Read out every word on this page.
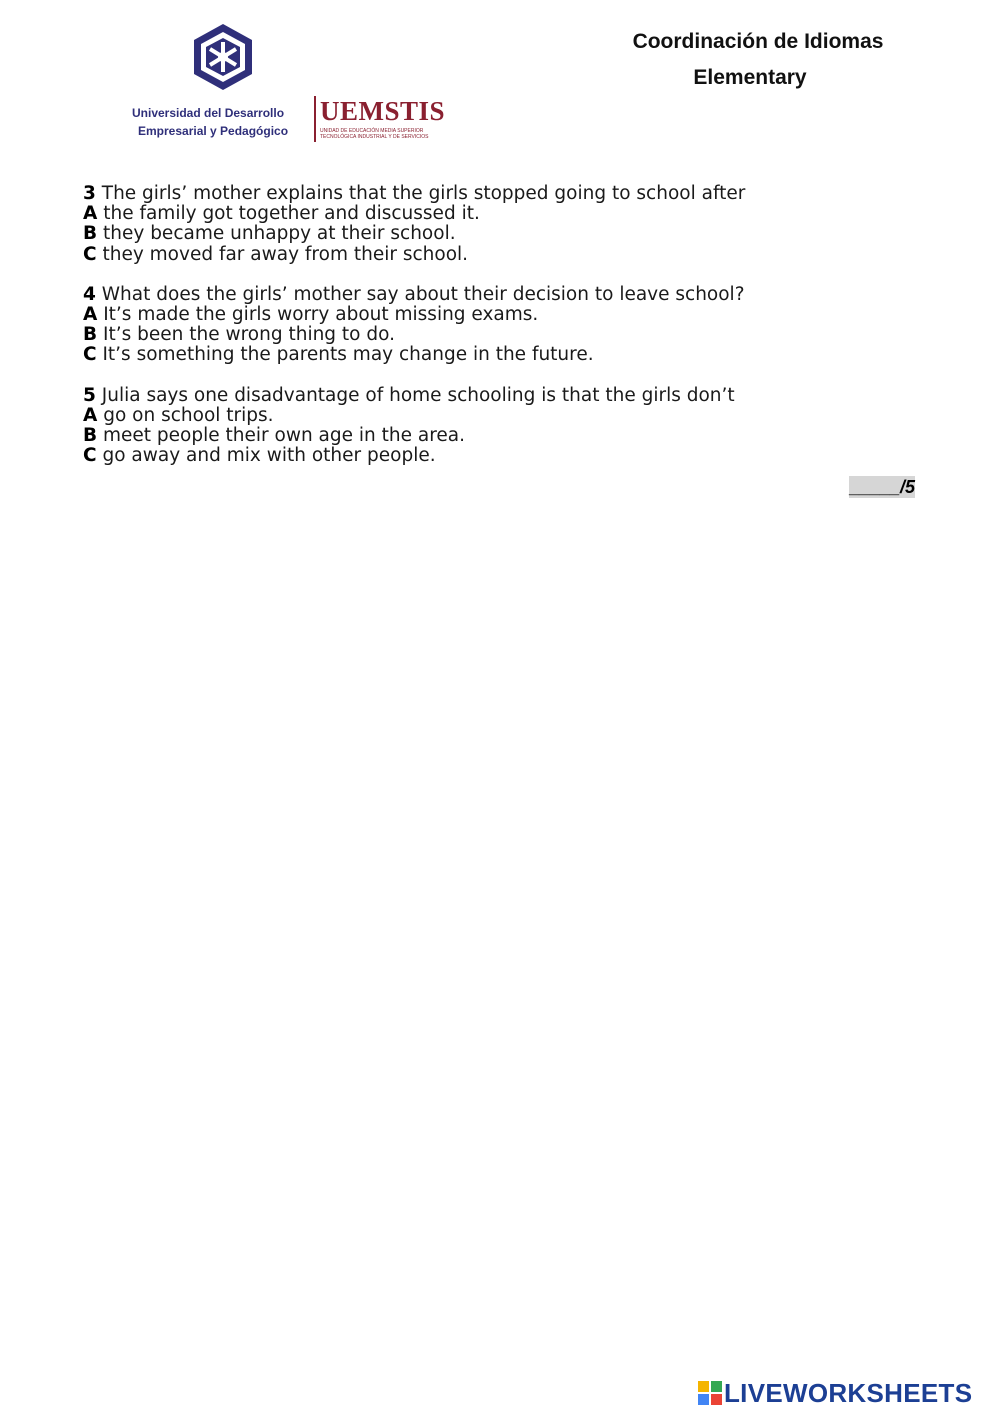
Universidad del Desarrollo
Empresarial y Pedagógico
UEMSTIS
UNIDAD DE EDUCACIÓN MEDIA SUPERIOR TECNOLÓGICA INDUSTRIAL Y DE SERVICIOS
Coordinación de Idiomas
Elementary
3 The girls’ mother explains that the girls stopped going to school after
A the family got together and discussed it.
B they became unhappy at their school.
C they moved far away from their school.
4 What does the girls’ mother say about their decision to leave school?
A It’s made the girls worry about missing exams.
B It’s been the wrong thing to do.
C It’s something the parents may change in the future.
5 Julia says one disadvantage of home schooling is that the girls don’t
A go on school trips.
B meet people their own age in the area.
C go away and mix with other people.
_____/5
LIVEWORKSHEETS
